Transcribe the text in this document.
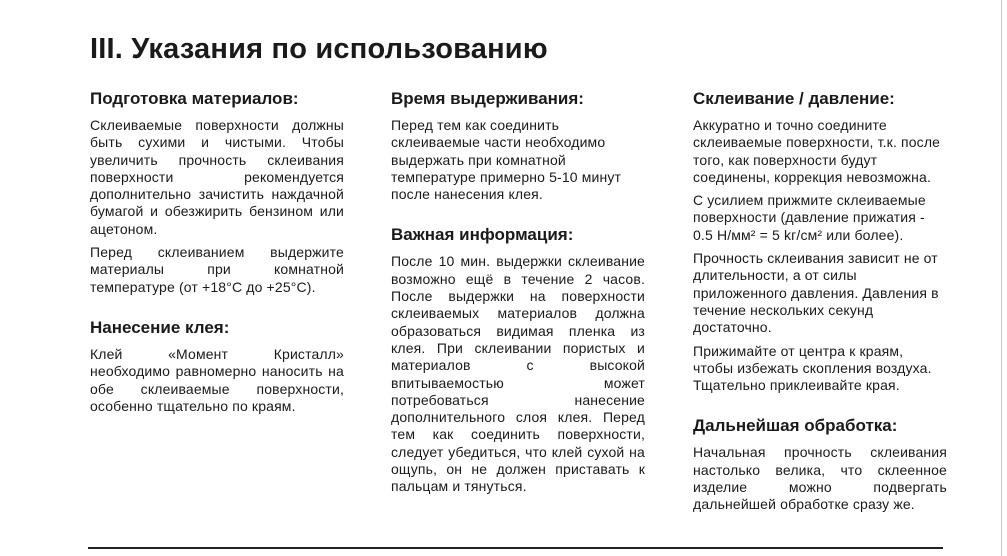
III. Указания по использованию
Подготовка материалов:

Склеиваемые поверхности должны быть сухими и чистыми. Чтобы увеличить прочность склеивания поверхности рекомендуется дополнительно зачистить наждачной бумагой и обезжирить бензином или ацетоном.

Перед склеиванием выдержите материалы при комнатной температуре (от +18°С до +25°С).

Нанесение клея:

Клей «Момент Кристалл» необходимо равномерно наносить на обе склеиваемые поверхности, особенно тщательно по краям.

Время выдерживания:

Перед тем как соединить склеиваемые части необходимо выдержать при комнатной температуре примерно 5-10 минут после нанесения клея.

Важная информация:

После 10 мин. выдержки склеивание возможно ещё в течение 2 часов. После выдержки на поверхности склеиваемых материалов должна образоваться видимая пленка из клея. При склеивании пористых и материалов с высокой впитываемостью может потребоваться нанесение дополнительного слоя клея. Перед тем как соединить поверхности, следует убедиться, что клей сухой на ощупь, он не должен приставать к пальцам и тянуться.

Склеивание / давление:

Аккуратно и точно соедините склеиваемые поверхности, т.к. после того, как поверхности будут соединены, коррекция невозможна.

С усилием прижмите склеиваемые поверхности (давление прижатия - 0.5 Н/мм² = 5 kг/см² или более).

Прочность склеивания зависит не от длительности, а от силы приложенного давления. Давления в течение нескольких секунд достаточно.

Прижимайте от центра к краям, чтобы избежать скопления воздуха. Тщательно приклеивайте края.

Дальнейшая обработка:

Начальная прочность склеивания настолько велика, что склеенное изделие можно подвергать дальнейшей обработке сразу же.
